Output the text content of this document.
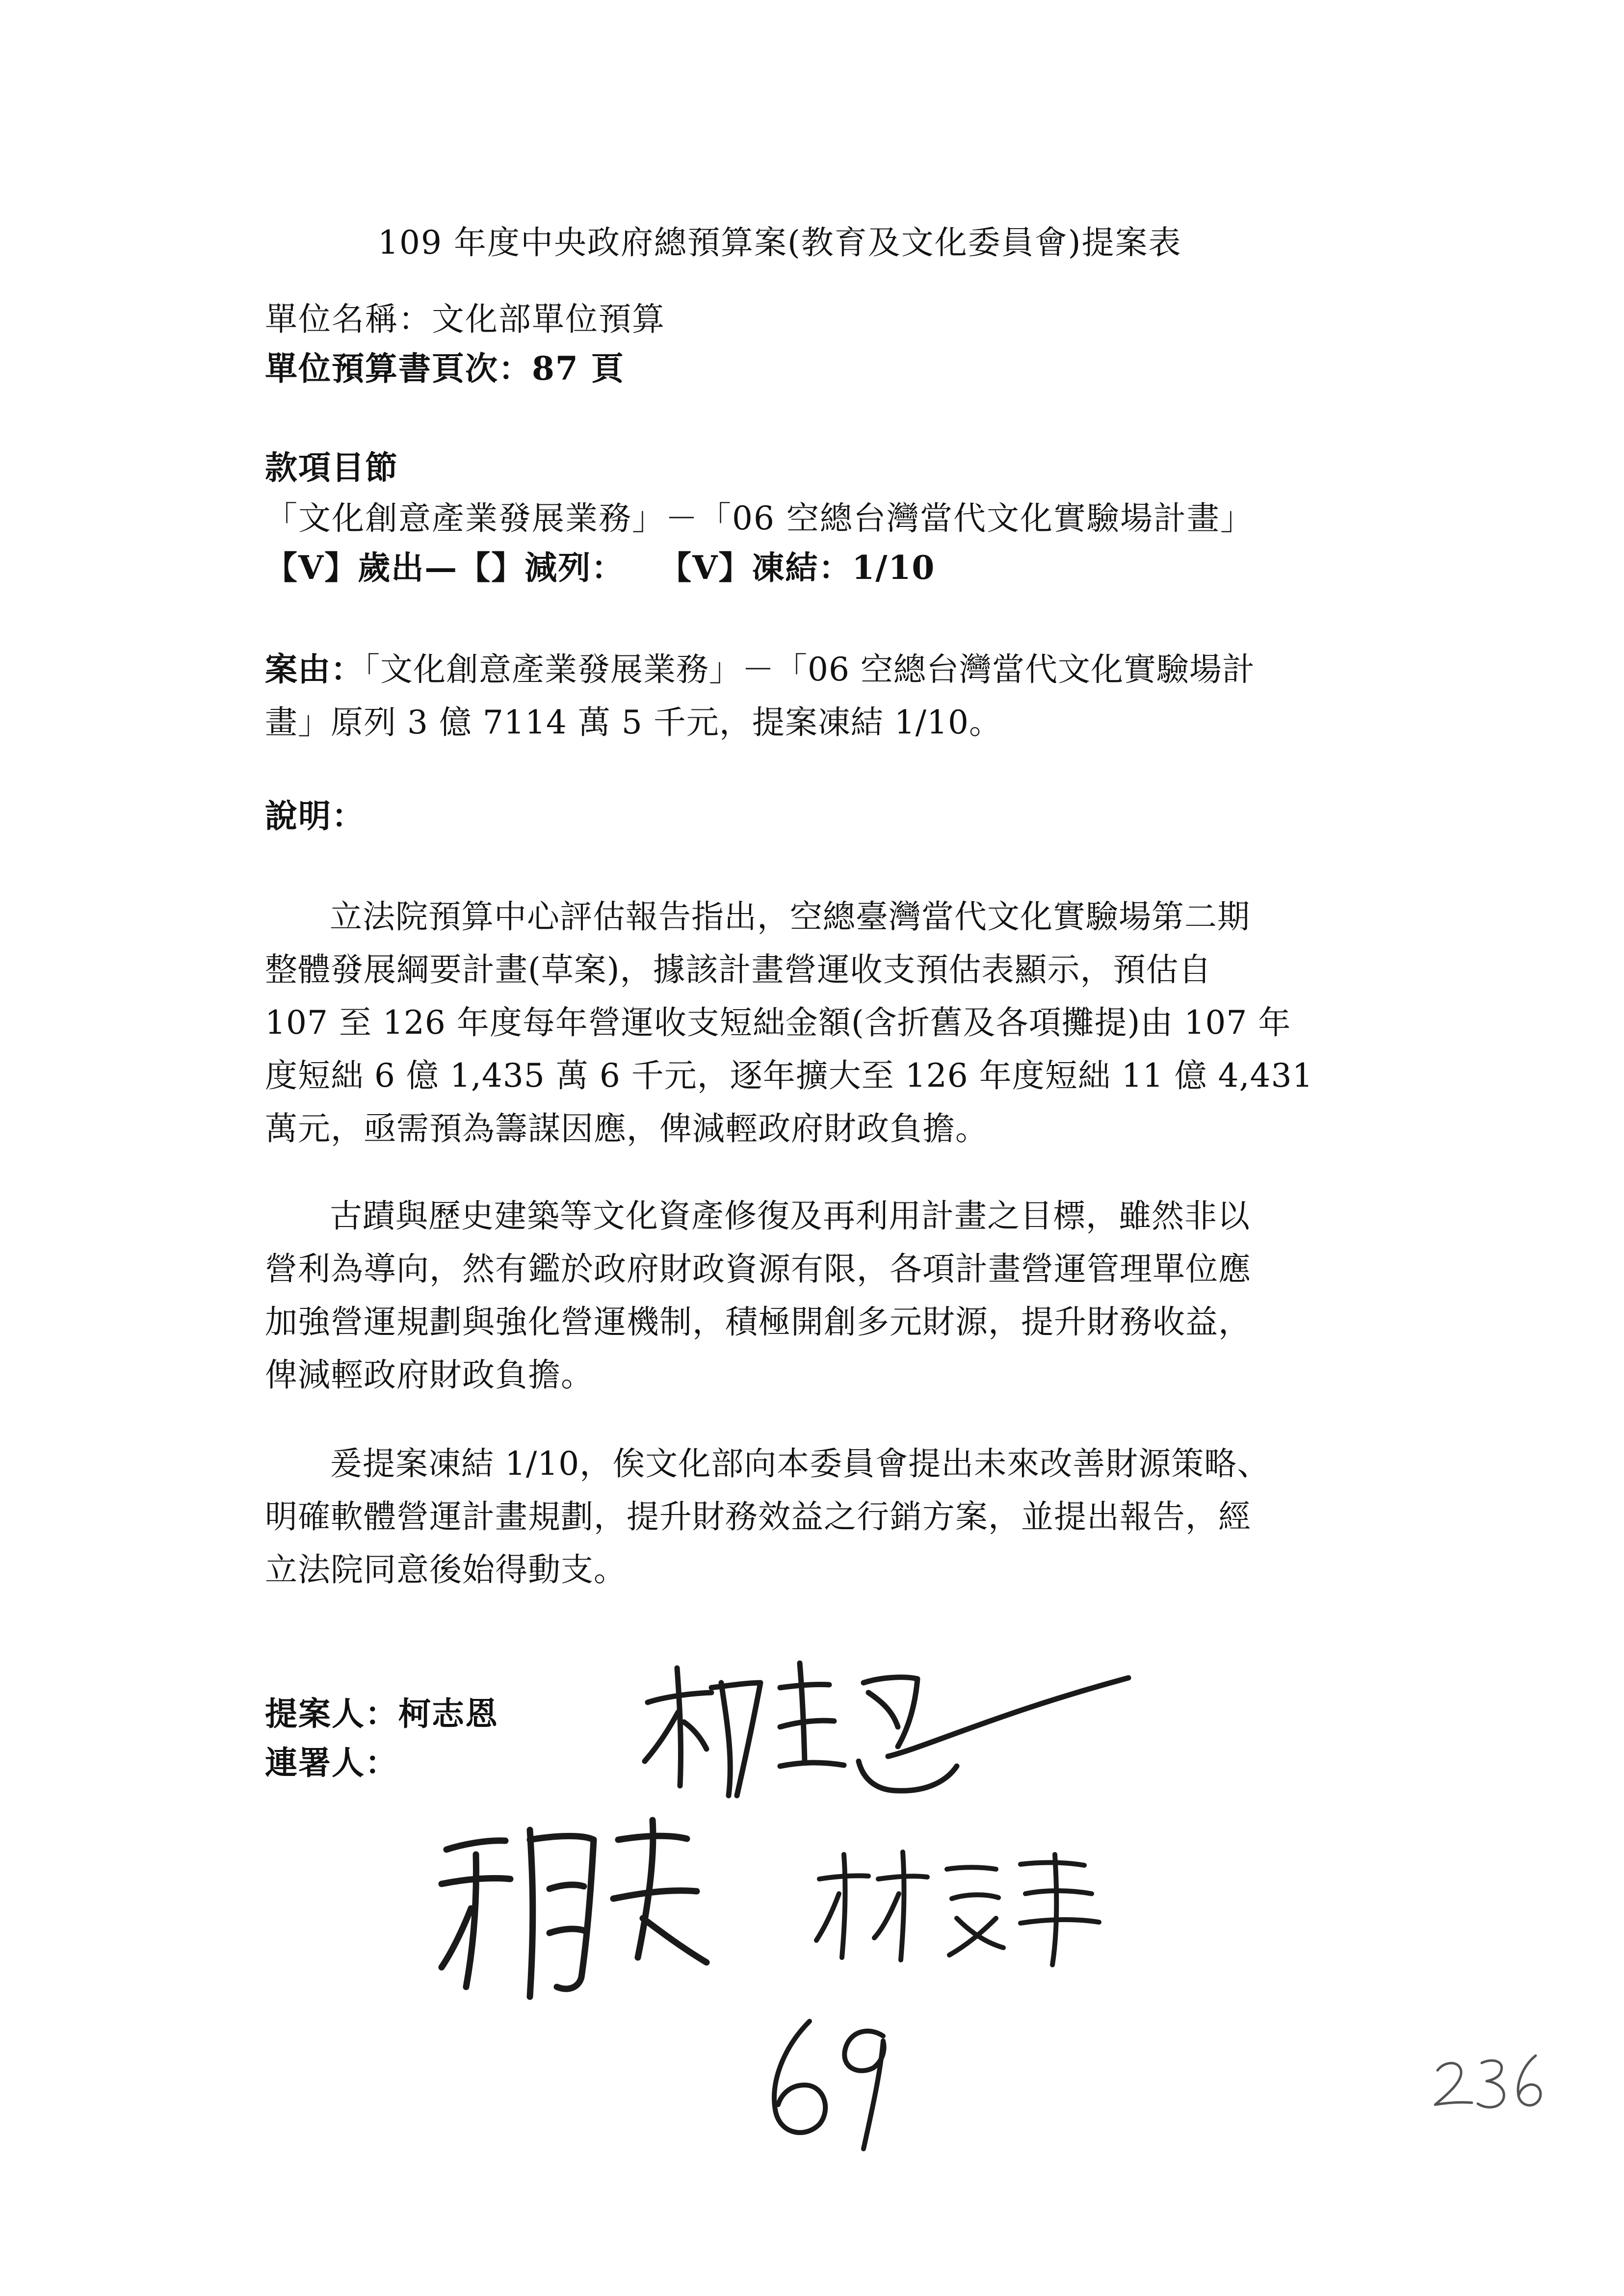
109 年度中央政府總預算案(教育及文化委員會)提案表
單位名稱：文化部單位預算
單位預算書頁次：87 頁
款項目節
「文化創意產業發展業務」－「06 空總台灣當代文化實驗場計畫」
【V】歲出—【】減列：　　【V】凍結：1/10
案由：「文化創意產業發展業務」－「06 空總台灣當代文化實驗場計
畫」原列 3 億 7114 萬 5 千元，提案凍結 1/10。
說明：
立法院預算中心評估報告指出，空總臺灣當代文化實驗場第二期
整體發展綱要計畫(草案)，據該計畫營運收支預估表顯示，預估自
107 至 126 年度每年營運收支短絀金額(含折舊及各項攤提)由 107 年
度短絀 6 億 1,435 萬 6 千元，逐年擴大至 126 年度短絀 11 億 4,431
萬元，亟需預為籌謀因應，俾減輕政府財政負擔。
古蹟與歷史建築等文化資產修復及再利用計畫之目標，雖然非以
營利為導向，然有鑑於政府財政資源有限，各項計畫營運管理單位應
加強營運規劃與強化營運機制，積極開創多元財源，提升財務收益，
俾減輕政府財政負擔。
爰提案凍結 1/10，俟文化部向本委員會提出未來改善財源策略、
明確軟體營運計畫規劃，提升財務效益之行銷方案，並提出報告，經
立法院同意後始得動支。
提案人：柯志恩
連署人：
